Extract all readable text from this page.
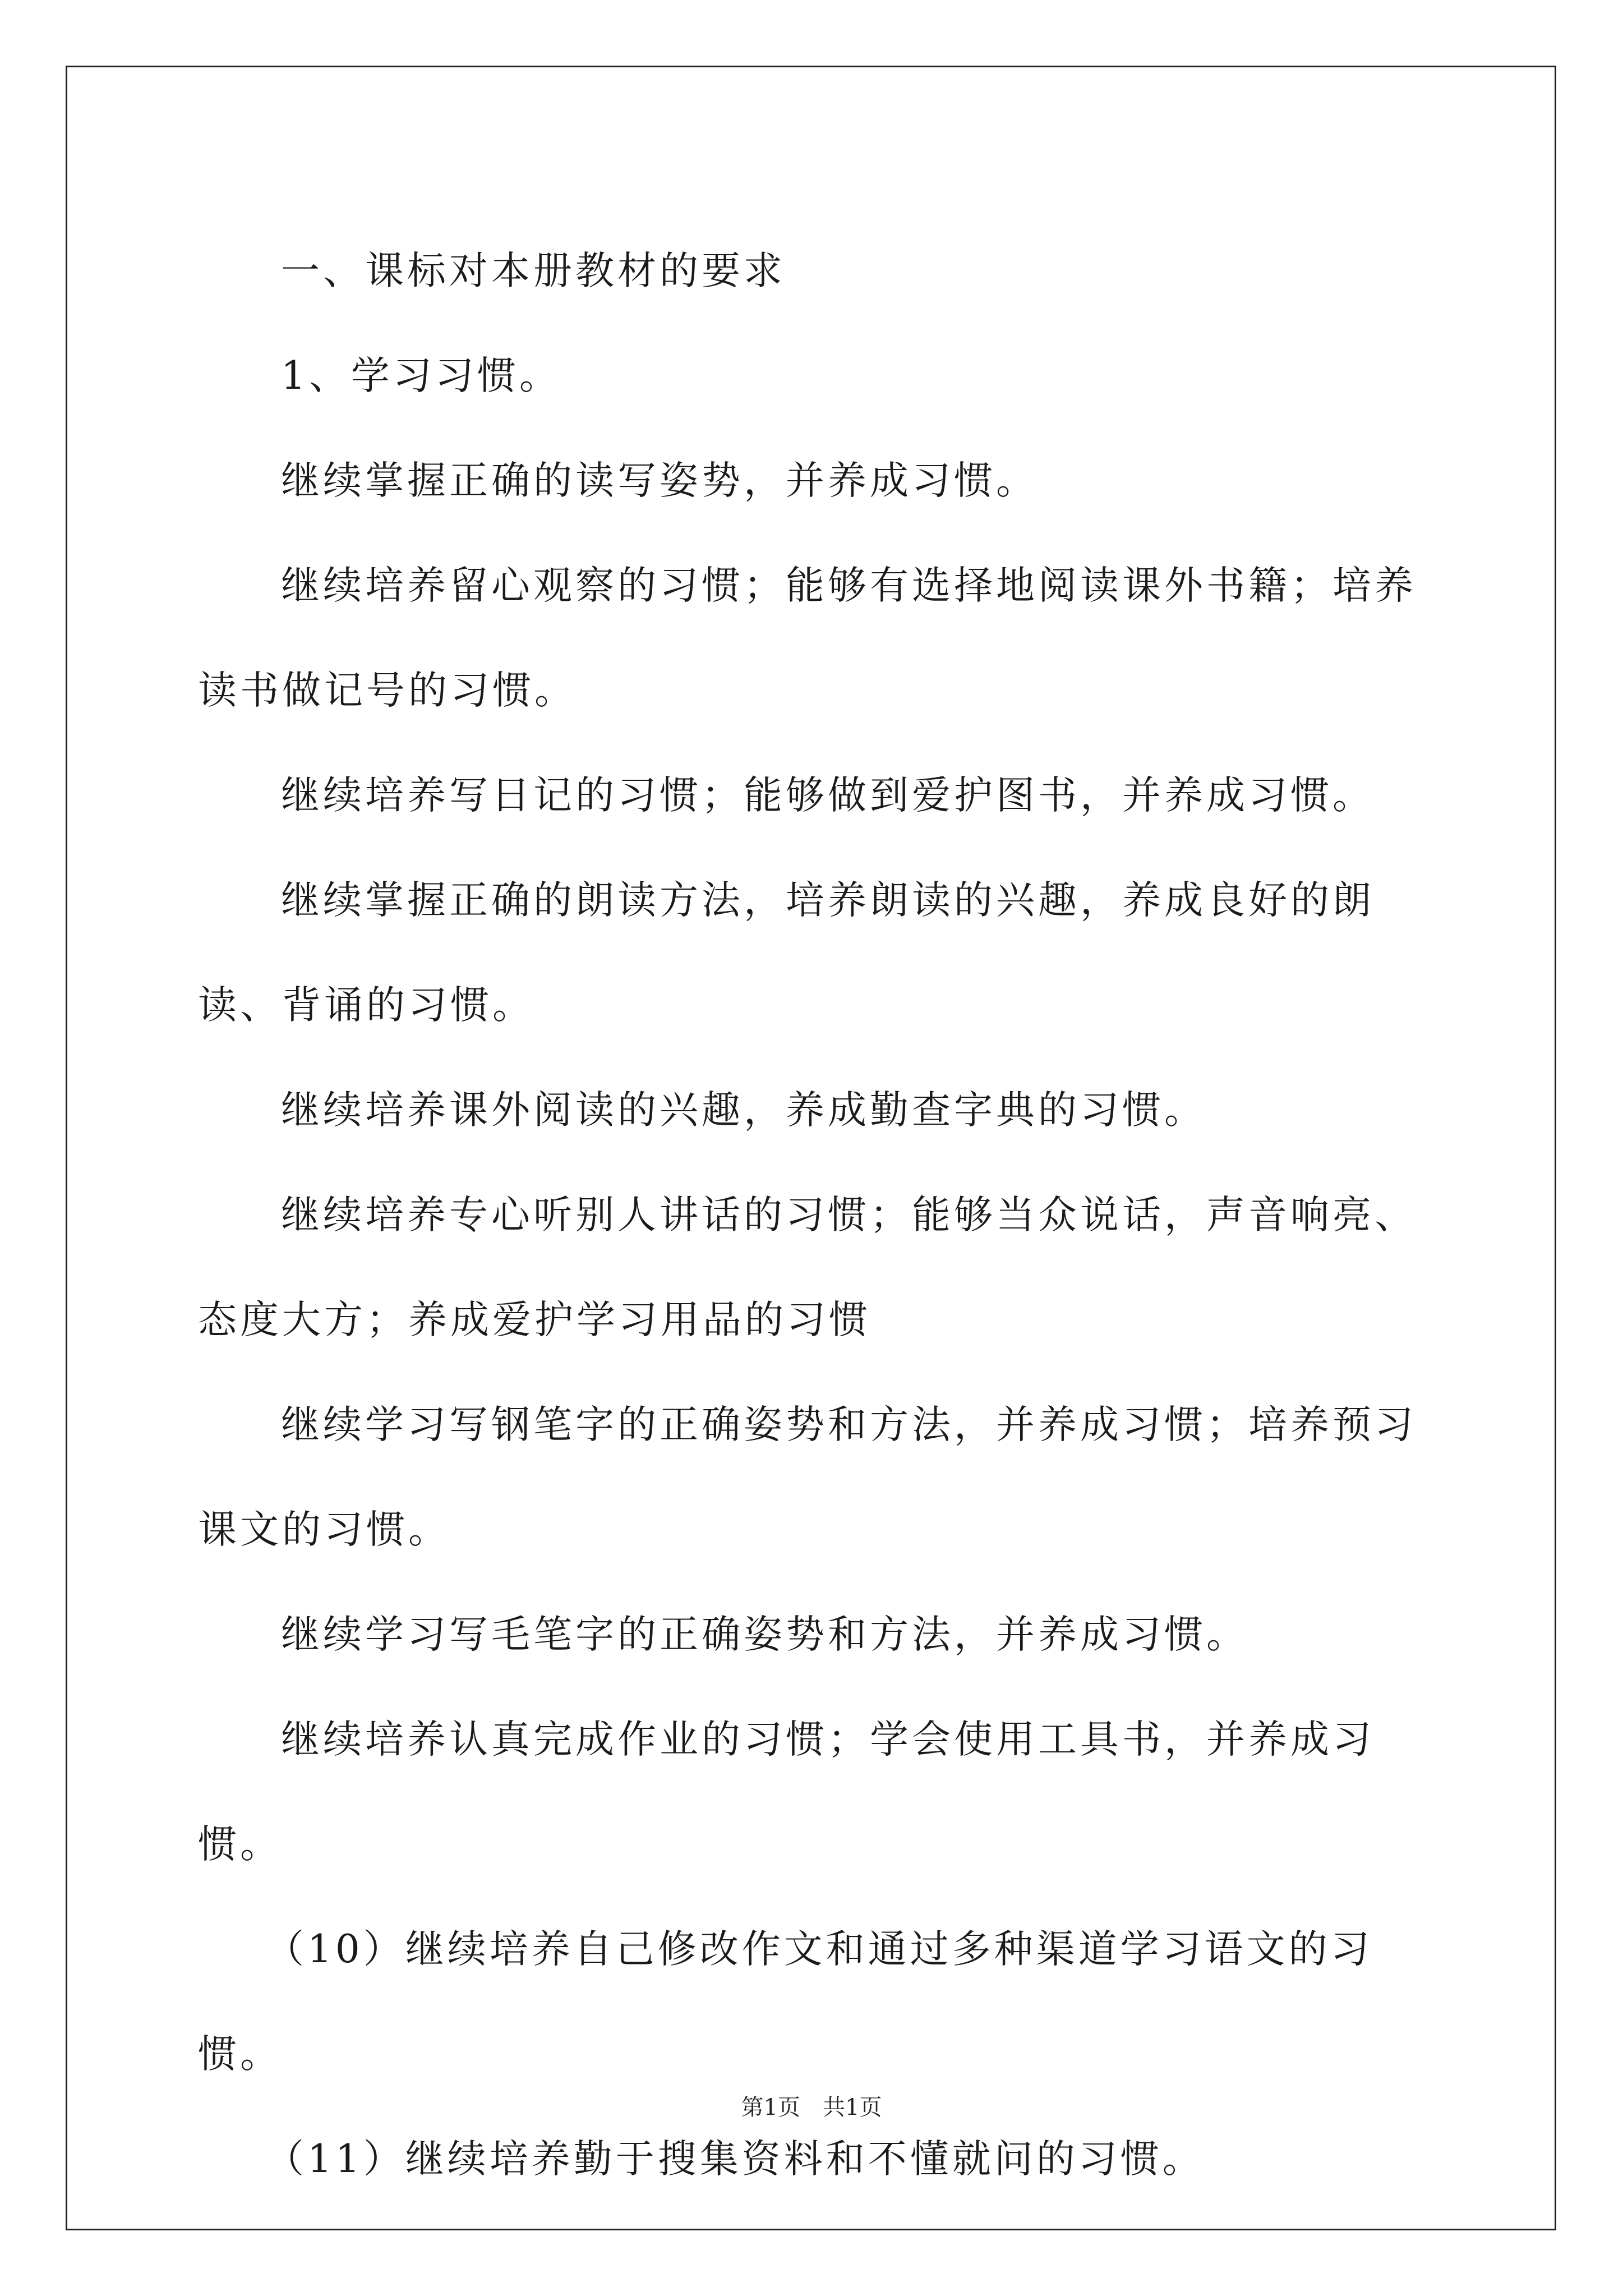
一、课标对本册教材的要求

1、学习习惯。

继续掌握正确的读写姿势，并养成习惯。

继续培养留心观察的习惯；能够有选择地阅读课外书籍；培养读书做记号的习惯。

继续培养写日记的习惯；能够做到爱护图书，并养成习惯。

继续掌握正确的朗读方法，培养朗读的兴趣，养成良好的朗读、背诵的习惯。

继续培养课外阅读的兴趣，养成勤查字典的习惯。

继续培养专心听别人讲话的习惯；能够当众说话，声音响亮、态度大方；养成爱护学习用品的习惯

继续学习写钢笔字的正确姿势和方法，并养成习惯；培养预习课文的习惯。

继续学习写毛笔字的正确姿势和方法，并养成习惯。

继续培养认真完成作业的习惯；学会使用工具书，并养成习惯。

（10）继续培养自己修改作文和通过多种渠道学习语文的习惯。

（11）继续培养勤于搜集资料和不懂就问的习惯。

第1页　共1页
